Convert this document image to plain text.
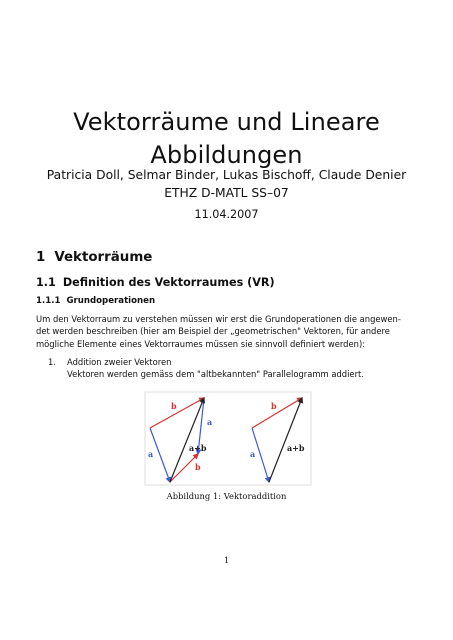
Vektorräume und Lineare
Abbildungen
Patricia Doll, Selmar Binder, Lukas Bischoff, Claude Denier
ETHZ D-MATL SS–07
11.04.2007
1 Vektorräume
1.1 Definition des Vektorraumes (VR)
1.1.1 Grundoperationen
Um den Vektorraum zu verstehen müssen wir erst die Grundoperationen die angewen-
det werden beschreiben (hier am Beispiel der „geometrischen" Vektoren, für andere
mögliche Elemente eines Vektorraumes müssen sie sinnvoll definiert werden):
1. Addition zweier Vektoren
Vektoren werden gemäss dem "altbekannten" Parallelogramm addiert.
b
a
a
a+b
b
b
a
a+b
Abbildung 1: Vektoraddition
1
